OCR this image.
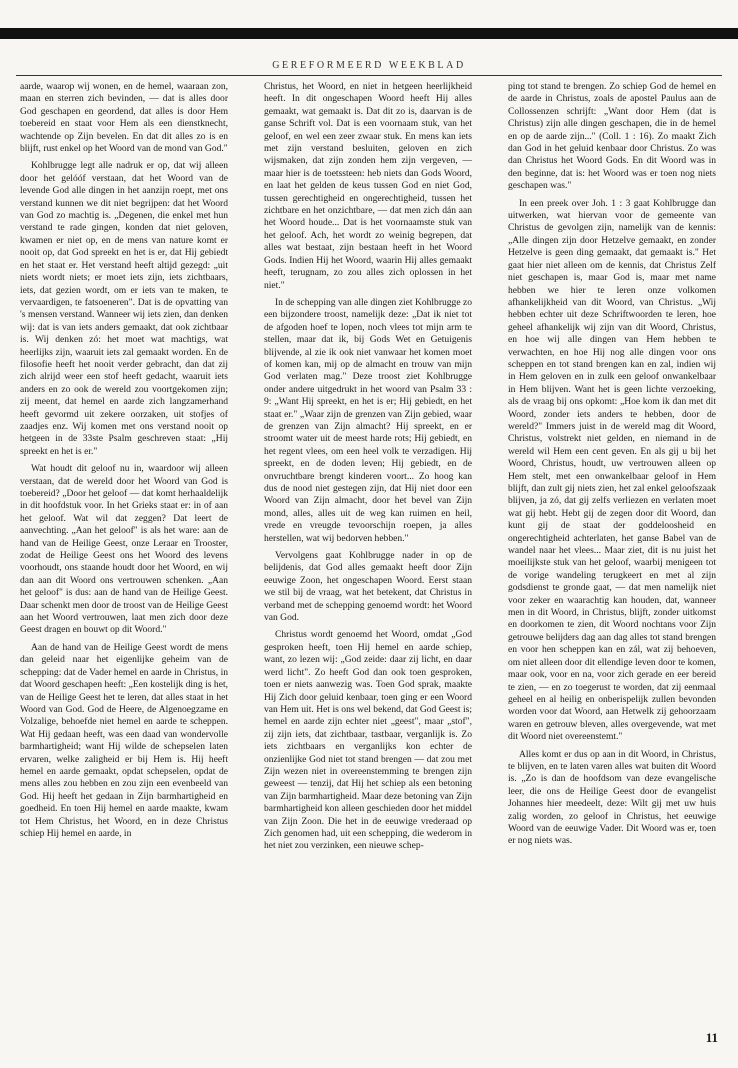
GEREFORMEERD WEEKBLAD

aarde, waarop wij wonen, en de hemel, waaraan zon, maan en sterren zich bevinden, — dat is alles door God geschapen en geordend, dat alles is door Hem toebereid en staat voor Hem als een dienstknecht, wachtende op Zijn bevelen. En dat dit alles zo is en blijft, rust enkel op het Woord van de mond van God."

Kohlbrugge legt alle nadruk er op, dat wij alleen door het gelóóf verstaan, dat het Woord van de levende God alle dingen in het aanzijn roept, met ons verstand kunnen we dit niet begrijpen: dat het Woord van God zo machtig is. „Degenen, die enkel met hun verstand te rade gingen, konden dat niet geloven, kwamen er niet op, en de mens van nature komt er nooit op, dat God spreekt en het is er, dat Hij gebiedt en het staat er. Het verstand heeft altijd gezegd: „uit niets wordt niets; er moet iets zijn, iets zichtbaars, iets, dat gezien wordt, om er iets van te maken, te vervaardigen, te fatsoeneren". Dat is de opvatting van 's mensen verstand. Wanneer wij iets zien, dan denken wij: dat is van iets anders gemaakt, dat ook zichtbaar is. Wij denken zó: het moet wat machtigs, wat heerlijks zijn, waaruit iets zal gemaakt worden. En de filosofie heeft het nooit verder gebracht, dan dat zij zich alrijd weer een stof heeft gedacht, waaruit iets anders en zo ook de wereld zou voortgekomen zijn; zij meent, dat hemel en aarde zich langzamerhand heeft gevormd uit zekere oorzaken, uit stofjes of zaadjes enz. Wij komen met ons verstand nooit op hetgeen in de 33ste Psalm geschreven staat: „Hij spreekt en het is er."

Wat houdt dit geloof nu in, waardoor wij alleen verstaan, dat de wereld door het Woord van God is toebereid? „Door het geloof — dat komt herhaaldelijk in dit hoofdstuk voor. In het Grieks staat er: in of aan het geloof. Wat wil dat zeggen? Dat leert de aanvechting. „Aan het geloof" is als het ware: aan de hand van de Heilige Geest, onze Leraar en Trooster, zodat de Heilige Geest ons het Woord des levens voorhoudt, ons staande houdt door het Woord, en wij dan aan dit Woord ons vertrouwen schenken. „Aan het geloof" is dus: aan de hand van de Heilige Geest. Daar schenkt men door de troost van de Heilige Geest aan het Woord vertrouwen, laat men zich door deze Geest dragen en bouwt op dit Woord."

Aan de hand van de Heilige Geest wordt de mens dan geleid naar het eigenlijke geheim van de schepping: dat de Vader hemel en aarde in Christus, in dat Woord geschapen heeft: „Een kostelijk ding is het, van de Heilige Geest het te leren, dat alles staat in het Woord van God. God de Heere, de Algenoegzame en Volzalige, behoefde niet hemel en aarde te scheppen. Wat Hij gedaan heeft, was een daad van wondervolle barmhartigheid; want Hij wilde de schepselen laten ervaren, welke zaligheid er bij Hem is. Hij heeft hemel en aarde gemaakt, opdat schepselen, opdat de mens alles zou hebben en zou zijn een evenbeeld van God. Hij heeft het gedaan in Zijn barmhartigheid en goedheid. En toen Hij hemel en aarde maakte, kwam tot Hem Christus, het Woord, en in deze Christus schiep Hij hemel en aarde, in

Christus, het Woord, en niet in hetgeen heerlijkheid heeft. In dit ongeschapen Woord heeft Hij alles gemaakt, wat gemaakt is. Dat dit zo is, daarvan is de ganse Schrift vol. Dat is een voornaam stuk, van het geloof, en wel een zeer zwaar stuk. En mens kan iets met zijn verstand besluiten, geloven en zich wijsmaken, dat zijn zonden hem zijn vergeven, — maar hier is de toetssteen: heb niets dan Gods Woord, en laat het gelden de keus tussen God en niet God, tussen gerechtigheid en ongerechtigheid, tussen het zichtbare en het onzichtbare, — dat men zich dán aan het Woord houde... Dat is het voornaamste stuk van het geloof. Ach, het wordt zo weinig begrepen, dat alles wat bestaat, zijn bestaan heeft in het Woord Gods. Indien Hij het Woord, waarin Hij alles gemaakt heeft, terugnam, zo zou alles zich oplossen in het niet."

In de schepping van alle dingen ziet Kohlbrugge zo een bijzondere troost, namelijk deze: „Dat ik niet tot de afgoden hoef te lopen, noch vlees tot mijn arm te stellen, maar dat ik, bij Gods Wet en Getuigenis blijvende, al zie ik ook niet vanwaar het komen moet of komen kan, mij op de almacht en trouw van mijn God verlaten mag." Deze troost ziet Kohlbrugge onder andere uitgedrukt in het woord van Psalm 33 : 9: „Want Hij spreekt, en het is er; Hij gebiedt, en het staat er." „Waar zijn de grenzen van Zijn gebied, waar de grenzen van Zijn almacht? Hij spreekt, en er stroomt water uit de meest harde rots; Hij gebiedt, en het regent vlees, om een heel volk te verzadigen. Hij spreekt, en de doden leven; Hij gebiedt, en de onvruchtbare brengt kinderen voort... Zo hoog kan dus de nood niet gestegen zijn, dat Hij niet door een Woord van Zijn almacht, door het bevel van Zijn mond, alles, alles uit de weg kan ruimen en heil, vrede en vreugde tevoorschijn roepen, ja alles herstellen, wat wij bedorven hebben."

Vervolgens gaat Kohlbrugge nader in op de belijdenis, dat God alles gemaakt heeft door Zijn eeuwige Zoon, het ongeschapen Woord. Eerst staan we stil bij de vraag, wat het betekent, dat Christus in verband met de schepping genoemd wordt: het Woord van God.

Christus wordt genoemd het Woord, omdat „God gesproken heeft, toen Hij hemel en aarde schiep, want, zo lezen wij: „God zeide: daar zij licht, en daar werd licht". Zo heeft God dan ook toen gesproken, toen er niets aanwezig was. Toen God sprak, maakte Hij Zich door geluid kenbaar, toen ging er een Woord van Hem uit. Het is ons wel bekend, dat God Geest is; hemel en aarde zijn echter niet „geest", maar „stof", zij zijn iets, dat zichtbaar, tastbaar, verganlijk is. Zo iets zichtbaars en verganlijks kon echter de onzienlijke God niet tot stand brengen — dat zou met Zijn wezen niet in overeenstemming te brengen zijn geweest — tenzij, dat Hij het schiep als een betoning van Zijn barmhartigheid. Maar deze betoning van Zijn barmhartigheid kon alleen geschieden door het middel van Zijn Zoon. Die het in de eeuwige vrederaad op Zich genomen had, uit een schepping, die wederom in het niet zou verzinken, een nieuwe schep-

ping tot stand te brengen. Zo schiep God de hemel en de aarde in Christus, zoals de apostel Paulus aan de Collossenzen schrijft: „Want door Hem (dat is Christus) zijn alle dingen geschapen, die in de hemel en op de aarde zijn..." (Coll. 1 : 16). Zo maakt Zich dan God in het geluid kenbaar door Christus. Zo was dan Christus het Woord Gods. En dit Woord was in den beginne, dat is: het Woord was er toen nog niets geschapen was."

In een preek over Joh. 1 : 3 gaat Kohlbrugge dan uitwerken, wat hiervan voor de gemeente van Christus de gevolgen zijn, namelijk van de kennis: „Alle dingen zijn door Hetzelve gemaakt, en zonder Hetzelve is geen ding gemaakt, dat gemaakt is." Het gaat hier niet alleen om de kennis, dat Christus Zelf niet geschapen is, maar God is, maar met name hebben we hier te leren onze volkomen afhankelijkheid van dit Woord, van Christus. „Wij hebben echter uit deze Schriftwoorden te leren, hoe geheel afhankelijk wij zijn van dit Woord, Christus, en hoe wij alle dingen van Hem hebben te verwachten, en hoe Hij nog alle dingen voor ons scheppen en tot stand brengen kan en zal, indien wij in Hem geloven en in zulk een geloof onwankelbaar in Hem blijven. Want het is geen lichte verzoeking, als de vraag bij ons opkomt: „Hoe kom ik dan met dit Woord, zonder iets anders te hebben, door de wereld?" Immers juist in de wereld mag dit Woord, Christus, volstrekt niet gelden, en niemand in de wereld wil Hem een cent geven. En als gij u bij het Woord, Christus, houdt, uw vertrouwen alleen op Hem stelt, met een onwankelbaar geloof in Hem blijft, dan zult gij niets zien, het zal enkel geloofszaak blijven, ja zó, dat gij zelfs verliezen en verlaten moet wat gij hebt. Hebt gij de zegen door dit Woord, dan kunt gij de staat der goddeloosheid en ongerechtigheid achterlaten, het ganse Babel van de wandel naar het vlees... Maar ziet, dit is nu juist het moeilijkste stuk van het geloof, waarbij menigeen tot de vorige wandeling terugkeert en met al zijn godsdienst te gronde gaat, — dat men namelijk niet voor zeker en waarachtig kan houden, dat, wanneer men in dit Woord, in Christus, blijft, zonder uitkomst en doorkomen te zien, dit Woord nochtans voor Zijn getrouwe belijders dag aan dag alles tot stand brengen en voor hen scheppen kan en zál, wat zij behoeven, om niet alleen door dit ellendige leven door te komen, maar ook, voor en na, voor zich gerade en eer bereid te zien, — en zo toegerust te worden, dat zij eenmaal geheel en al heilig en onberispelijk zullen bevonden worden voor dat Woord, aan Hetwelk zij gehoorzaam waren en getrouw bleven, alles overgevende, wat met dit Woord niet overeenstemt."

Alles komt er dus op aan in dit Woord, in Christus, te blijven, en te laten varen alles wat buiten dit Woord is. „Zo is dan de hoofdsom van deze evangelische leer, die ons de Heilige Geest door de evangelist Johannes hier meedeelt, deze: Wilt gij met uw huis zalig worden, zo geloof in Christus, het eeuwige Woord van de eeuwige Vader. Dit Woord was er, toen er nog niets was.

11
